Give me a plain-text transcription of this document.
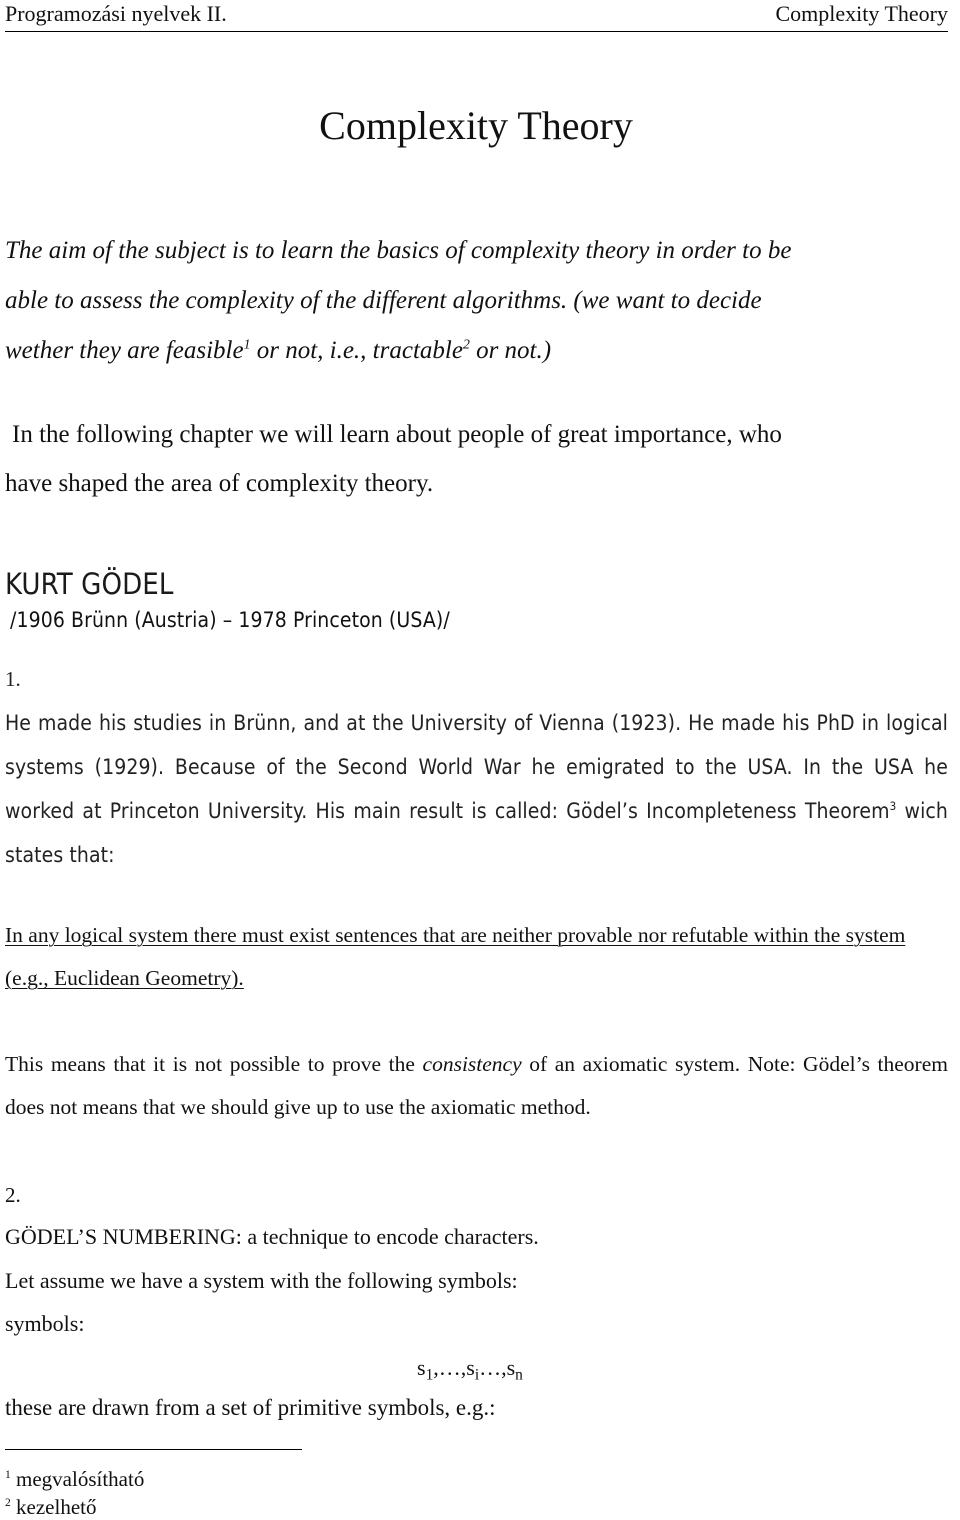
Programozási nyelvek II.	Complexity Theory
Complexity Theory
The aim of the subject is to learn the basics of complexity theory in order to be
able to assess the complexity of the different algorithms. (we want to decide
wether they are feasible$^1$ or not, i.e., tractable$^2$ or not.)
In the following chapter we will learn about people of great importance, who
have shaped the area of complexity theory.
KURT GÖDEL
/1906 Brünn (Austria) – 1978 Princeton (USA)/
1.
He made his studies in Brünn, and at the University of Vienna (1923). He made his PhD in logical systems (1929). Because of the Second World War he emigrated to the USA. In the USA he worked at Princeton University. His main result is called: Gödel’s Incompleteness Theorem$^3$ wich states that:
In any logical system there must exist sentences that are neither provable nor refutable within the system (e.g., Euclidean Geometry).
This means that it is not possible to prove the consistency of an axiomatic system. Note: Gödel’s theorem does not means that we should give up to use the axiomatic method.
2.
GÖDEL’S NUMBERING: a technique to encode characters.
Let assume we have a system with the following symbols:
symbols:
$s_1,\dots,s_i\dots,s_n$
these are drawn from a set of primitive symbols, e.g.:
$^1$ megvalósítható
$^2$ kezelhető
